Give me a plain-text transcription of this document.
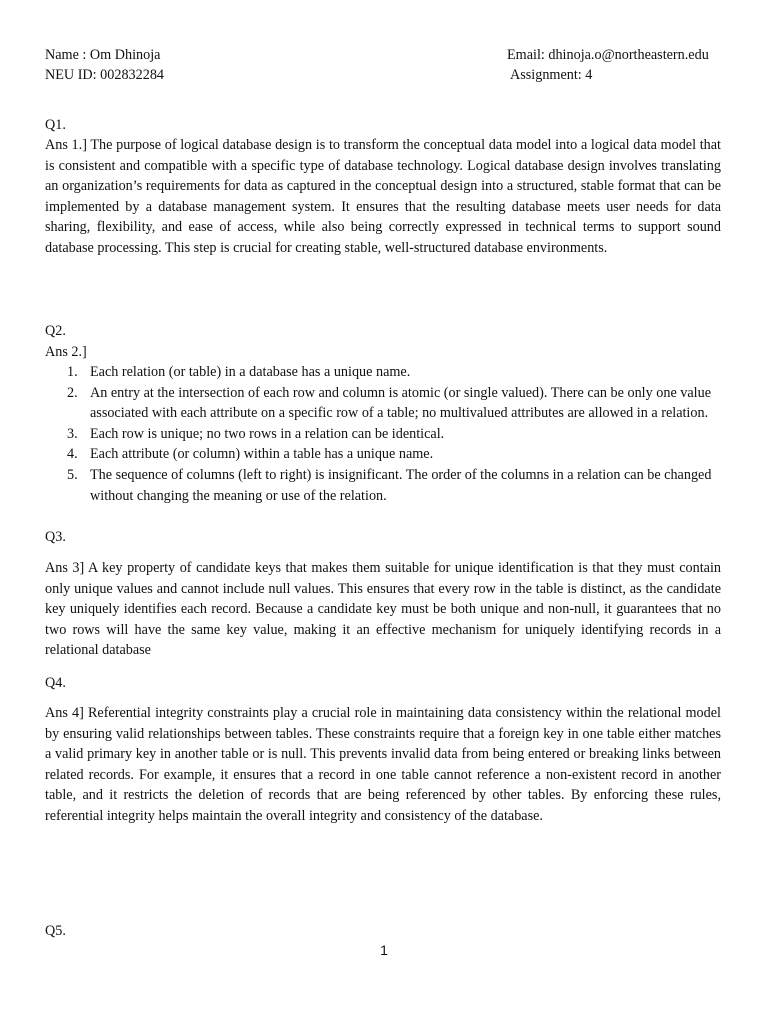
Name : Om Dhinoja
NEU ID: 002832284
Email: dhinoja.o@northeastern.edu
Assignment: 4

Q1.

Ans 1.] The purpose of logical database design is to transform the conceptual data model into a logical data model that is consistent and compatible with a specific type of database technology. Logical database design involves translating an organization’s requirements for data as captured in the conceptual design into a structured, stable format that can be implemented by a database management system. It ensures that the resulting database meets user needs for data sharing, flexibility, and ease of access, while also being correctly expressed in technical terms to support sound database processing. This step is crucial for creating stable, well-structured database environments.

Q2.

Ans 2.]

1. Each relation (or table) in a database has a unique name.
2. An entry at the intersection of each row and column is atomic (or single valued). There can be only one value associated with each attribute on a specific row of a table; no multivalued attributes are allowed in a relation.
3. Each row is unique; no two rows in a relation can be identical.
4. Each attribute (or column) within a table has a unique name.
5. The sequence of columns (left to right) is insignificant. The order of the columns in a relation can be changed without changing the meaning or use of the relation.

Q3.

Ans 3] A key property of candidate keys that makes them suitable for unique identification is that they must contain only unique values and cannot include null values. This ensures that every row in the table is distinct, as the candidate key uniquely identifies each record. Because a candidate key must be both unique and non-null, it guarantees that no two rows will have the same key value, making it an effective mechanism for uniquely identifying records in a relational database

Q4.

Ans 4] Referential integrity constraints play a crucial role in maintaining data consistency within the relational model by ensuring valid relationships between tables. These constraints require that a foreign key in one table either matches a valid primary key in another table or is null. This prevents invalid data from being entered or breaking links between related records. For example, it ensures that a record in one table cannot reference a non-existent record in another table, and it restricts the deletion of records that are being referenced by other tables. By enforcing these rules, referential integrity helps maintain the overall integrity and consistency of the database.

Q5.

1
